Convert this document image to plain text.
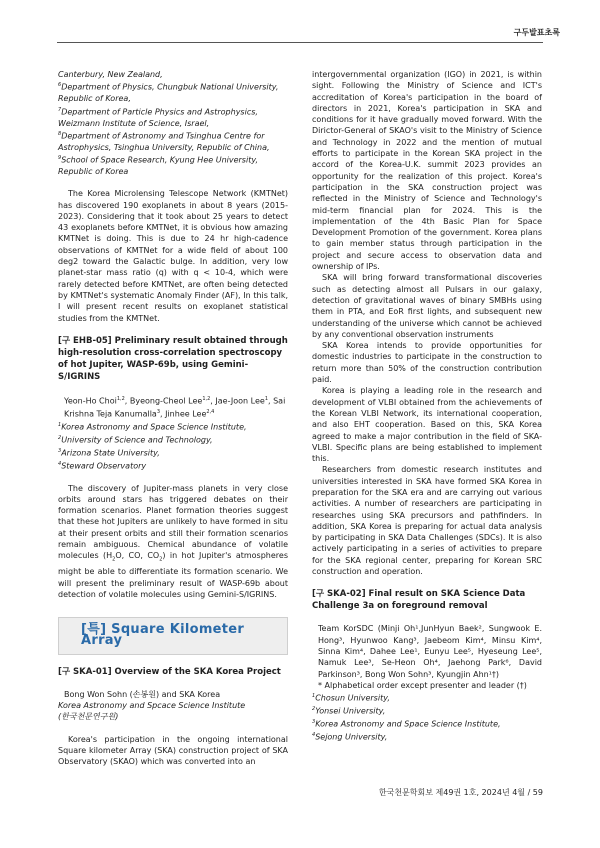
구두발표초록
Canterbury, New Zealand,
$^6$Department of Physics, Chungbuk National University, Republic of Korea,
$^7$Department of Particle Physics and Astrophysics, Weizmann Institute of Science, Israel,
$^8$Department of Astronomy and Tsinghua Centre for Astrophysics, Tsinghua University, Republic of China,
$^9$School of Space Research, Kyung Hee University, Republic of Korea

The Korea Microlensing Telescope Network (KMTNet) has discovered 190 exoplanets in about 8 years (2015-2023). Considering that it took about 25 years to detect 43 exoplanets before KMTNet, it is obvious how amazing KMTNet is doing. This is due to 24 hr high-cadence observations of KMTNet for a wide field of about 100 deg2 toward the Galactic bulge. In addition, very low planet-star mass ratio (q) with q < 10-4, which were rarely detected before KMTNet, are often being detected by KMTNet's systematic Anomaly Finder (AF), In this talk, I will present recent results on exoplanet statistical studies from the KMTNet.

[구 EHB-05] Preliminary result obtained through high-resolution cross-correlation spectroscopy of hot Jupiter, WASP-69b, using Gemini-S/IGRINS
Yeon-Ho Choi$^{1,2}$, Byeong-Cheol Lee$^{1,2}$, Jae-Joon Lee$^1$, Sai Krishna Teja Kanumalla$^3$, Jinhee Lee$^{2,4}$
$^1$Korea Astronomy and Space Science Institute, $^2$University of Science and Technology,
$^3$Arizona State University,
$^4$Steward Observatory

The discovery of Jupiter-mass planets in very close orbits around stars has triggered debates on their formation scenarios. Planet formation theories suggest that these hot Jupiters are unlikely to have formed in situ at their present orbits and still their formation scenarios remain ambiguous. Chemical abundance of volatile molecules ($H_2O$, CO, $CO_2$) in hot Jupiter's atmospheres might be able to differentiate its formation scenario. We will present the preliminary result of WASP-69b about detection of volatile molecules using Gemini-S/IGRINS.

[특] Square Kilometer Array
[구 SKA-01] Overview of the SKA Korea Project
Bong Won Sohn (손봉원) and SKA Korea
Korea Astronomy and Spcace Science Institute
(한국천문연구원)

Korea's participation in the ongoing international Square kilometer Array (SKA) construction project of SKA Observatory (SKAO) which was converted into an

intergovernmental organization (IGO) in 2021, is within sight. Following the Ministry of Science and ICT's accreditation of Korea's participation in the board of directors in 2021, Korea's participation in SKA and conditions for it have gradually moved forward. With the Dirictor-General of SKAO's visit to the Ministry of Science and Technology in 2022 and the mention of mutual efforts to participate in the Korean SKA project in the accord of the Korea-U.K. summit 2023 provides an opportunity for the realization of this project. Korea's participation in the SKA construction project was reflected in the Ministry of Science and Technology's mid-term financial plan for 2024. This is the implementation of the 4th Basic Plan for Space Development Promotion of the government. Korea plans to gain member status through participation in the project and secure access to observation data and ownership of IPs.

SKA will bring forward transformational discoveries such as detecting almost all Pulsars in our galaxy, detection of gravitational waves of binary SMBHs using them in PTA, and EoR first lights, and subsequent new understanding of the universe which cannot be achieved by any conventional observation instruments

SKA Korea intends to provide opportunities for domestic industries to participate in the construction to return more than 50% of the construction contribution paid.

Korea is playing a leading role in the research and development of VLBI obtained from the achievements of the Korean VLBI Network, its international cooperation, and also EHT cooperation. Based on this, SKA Korea agreed to make a major contribution in the field of SKA-VLBI. Specific plans are being established to implement this.

Researchers from domestic research institutes and universities interested in SKA have formed SKA Korea in preparation for the SKA era and are carrying out various activities. A number of researchers are participating in researches using SKA precursors and pathfinders. In addition, SKA Korea is preparing for actual data analysis by participating in SKA Data Challenges (SDCs). It is also actively participating in a series of activities to prepare for the SKA regional center, preparing for Korean SRC construction and operation.

[구 SKA-02] Final result on SKA Science Data Challenge 3a on foreground removal
Team KorSDC (Minji Oh¹,JunHyun Baek², Sungwook E. Hong³, Hyunwoo Kang³, Jaebeom Kim⁴, Minsu Kim⁴, Sinna Kim⁴, Dahee Lee¹, Eunyu Lee⁵, Hyeseung Lee⁵, Namuk Lee³, Se-Heon Oh⁴, Jaehong Park⁶, David Parkinson³, Bong Won Sohn³, Kyungjin Ahn¹†)
* Alphabetical order except presenter and leader (†)
$^1$Chosun University,
$^2$Yonsei University,
$^3$Korea Astronomy and Space Science Institute,
$^4$Sejong University,
한국천문학회보 제49권 1호, 2024년 4월 / 59
